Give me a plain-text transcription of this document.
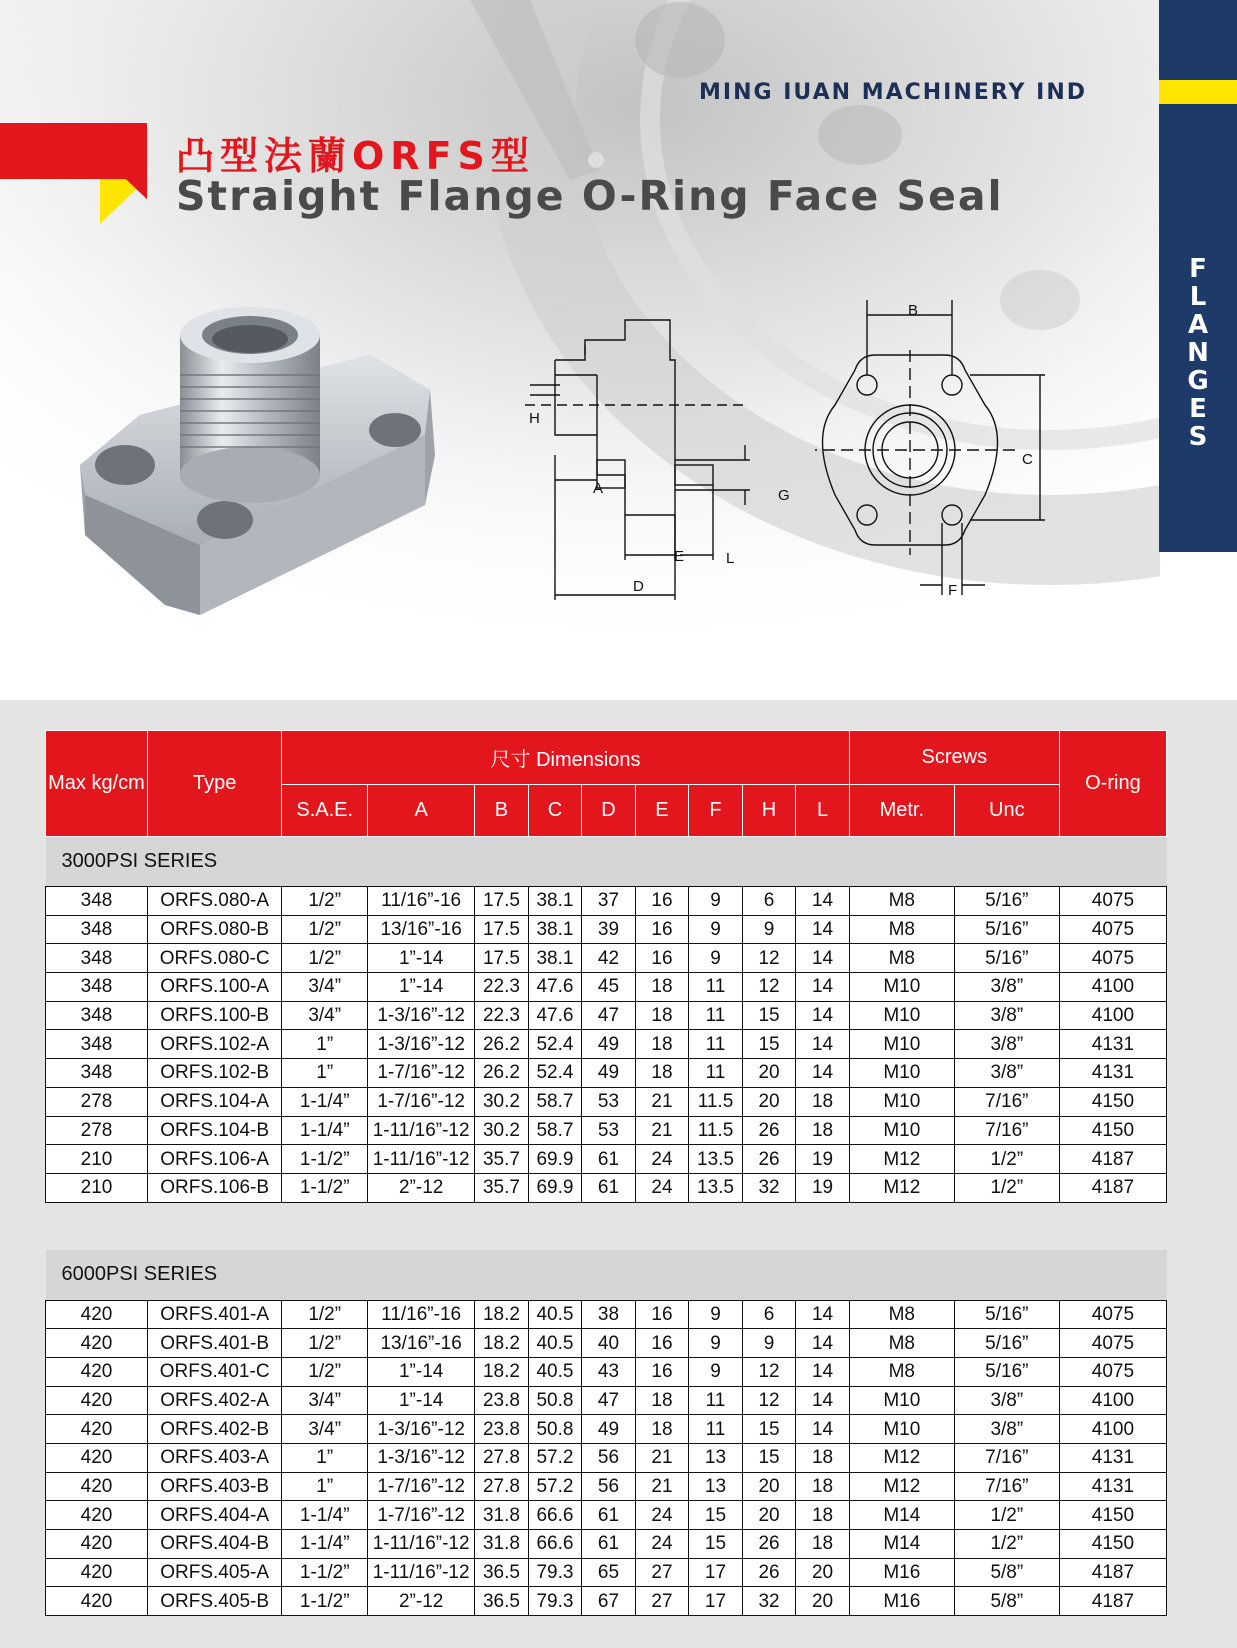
MING IUAN MACHINERY IND
F
L
A
N
G
E
S
凸型法蘭ORFS型
Straight Flange O-Ring Face Seal
H
A	G
E	L
D
B
C
F
Max kg/cm	Type	尺寸 Dimensions									Screws		O-ring
		S.A.E.	A	B	C	D	E	F	H	L	Metr.	Unc	
3000PSI SERIES													
348	ORFS.080-A	1/2”	11/16”-16	17.5	38.1	37	16	9	6	14	M8	5/16”	4075
348	ORFS.080-B	1/2”	13/16”-16	17.5	38.1	39	16	9	9	14	M8	5/16”	4075
348	ORFS.080-C	1/2”	1”-14	17.5	38.1	42	16	9	12	14	M8	5/16”	4075
348	ORFS.100-A	3/4”	1”-14	22.3	47.6	45	18	11	12	14	M10	3/8”	4100
348	ORFS.100-B	3/4”	1-3/16”-12	22.3	47.6	47	18	11	15	14	M10	3/8”	4100
348	ORFS.102-A	1”	1-3/16”-12	26.2	52.4	49	18	11	15	14	M10	3/8”	4131
348	ORFS.102-B	1”	1-7/16”-12	26.2	52.4	49	18	11	20	14	M10	3/8”	4131
278	ORFS.104-A	1-1/4”	1-7/16”-12	30.2	58.7	53	21	11.5	20	18	M10	7/16”	4150
278	ORFS.104-B	1-1/4”	1-11/16”-12	30.2	58.7	53	21	11.5	26	18	M10	7/16”	4150
210	ORFS.106-A	1-1/2”	1-11/16”-12	35.7	69.9	61	24	13.5	26	19	M12	1/2”	4187
210	ORFS.106-B	1-1/2”	2”-12	35.7	69.9	61	24	13.5	32	19	M12	1/2”	4187

6000PSI SERIES													
420	ORFS.401-A	1/2”	11/16”-16	18.2	40.5	38	16	9	6	14	M8	5/16”	4075
420	ORFS.401-B	1/2”	13/16”-16	18.2	40.5	40	16	9	9	14	M8	5/16”	4075
420	ORFS.401-C	1/2”	1”-14	18.2	40.5	43	16	9	12	14	M8	5/16”	4075
420	ORFS.402-A	3/4”	1”-14	23.8	50.8	47	18	11	12	14	M10	3/8”	4100
420	ORFS.402-B	3/4”	1-3/16”-12	23.8	50.8	49	18	11	15	14	M10	3/8”	4100
420	ORFS.403-A	1”	1-3/16”-12	27.8	57.2	56	21	13	15	18	M12	7/16”	4131
420	ORFS.403-B	1”	1-7/16”-12	27.8	57.2	56	21	13	20	18	M12	7/16”	4131
420	ORFS.404-A	1-1/4”	1-7/16”-12	31.8	66.6	61	24	15	20	18	M14	1/2”	4150
420	ORFS.404-B	1-1/4”	1-11/16”-12	31.8	66.6	61	24	15	26	18	M14	1/2”	4150
420	ORFS.405-A	1-1/2”	1-11/16”-12	36.5	79.3	65	27	17	26	20	M16	5/8”	4187
420	ORFS.405-B	1-1/2”	2”-12	36.5	79.3	67	27	17	32	20	M16	5/8”	4187
